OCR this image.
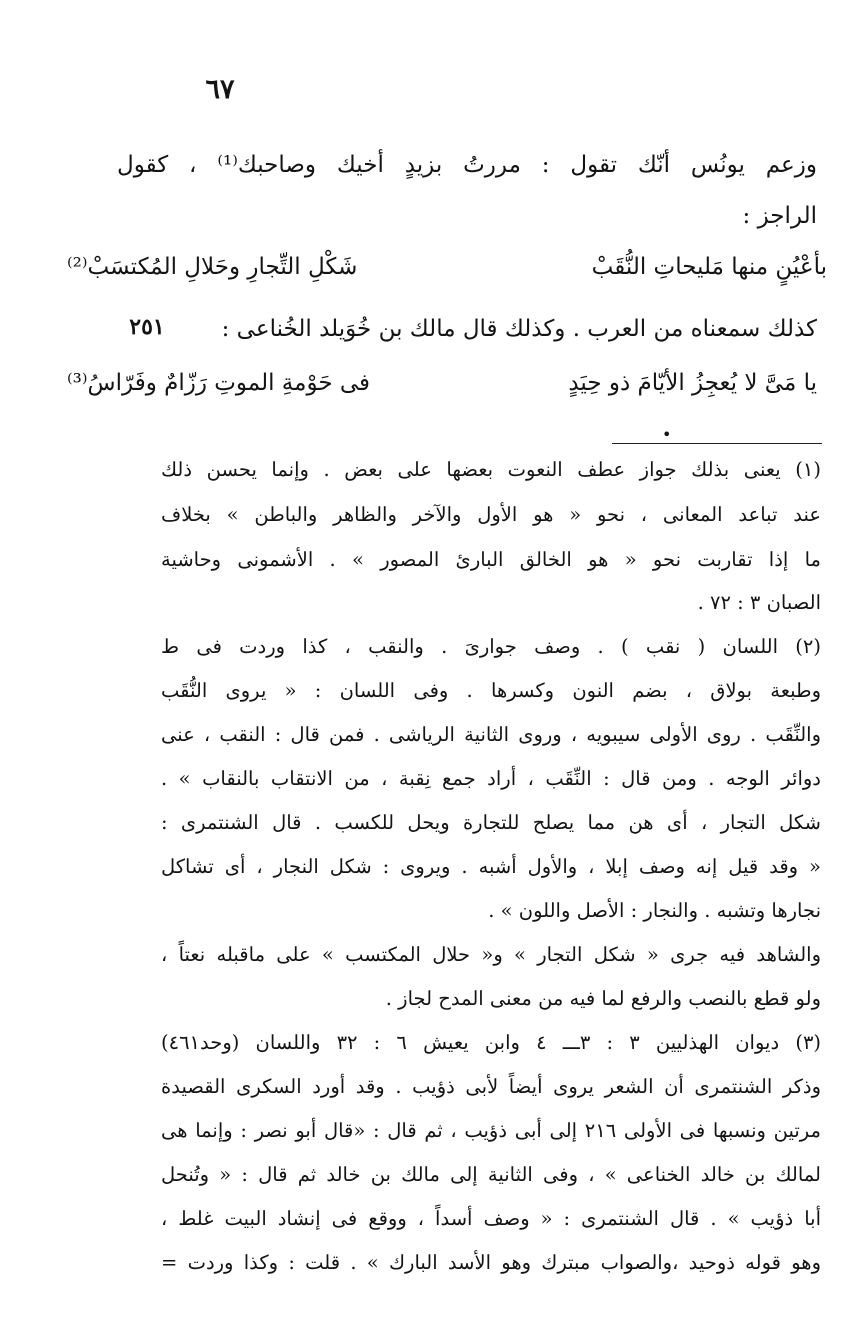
٦٧
وزعم يونُس أنّك تقول : مررتُ بزيدٍ أخيك وصاحبك⁽¹⁾ ، كقول
الراجز :
بأعْيُنٍ منها مَليحاتِ النُّقَبْ
شَكْلِ التِّجارِ وحَلالِ المُكتسَبْ⁽²⁾
٢٥١	كذلك سمعناه من العرب . وكذلك قال مالك بن خُوَيلد الخُناعى :
يا مَىَّ لا يُعجِزُ الأيّامَ ذو حِيَدٍ
فى حَوْمةِ الموتِ رَزّامٌ وفَرّاسُ⁽³⁾
•
(١) يعنى بذلك جواز عطف النعوت بعضها على بعض . وإنما يحسن ذلك
عند تباعد المعانى ، نحو « هو الأول والآخر والظاهر والباطن » بخلاف
ما إذا تقاربت نحو « هو الخالق البارئ المصور » . الأشمونى وحاشية
الصبان ٣ : ٧٢ .
(٢) اللسان ( نقب ) . وصف جوارىَ . والنقب ، كذا وردت فى ط
وطبعة بولاق ، بضم النون وكسرها . وفى اللسان : « يروى النُّقَب
والنِّقَب . روى الأولى سيبويه ، وروى الثانية الرياشى . فمن قال : النقب ، عنى
دوائر الوجه . ومن قال : النِّقَب ، أراد جمع نِقبة ، من الانتقاب بالنقاب » .
شكل التجار ، أى هن مما يصلح للتجارة ويحل للكسب . قال الشنتمرى :
« وقد قيل إنه وصف إبلا ، والأول أشبه . ويروى : شكل النجار ، أى تشاكل
نجارها وتشبه . والنجار : الأصل واللون » .
والشاهد فيه جرى « شكل التجار » و« حلال المكتسب » على ماقبله نعتاً ،
ولو قطع بالنصب والرفع لما فيه من معنى المدح لجاز .
(٣) ديوان الهذليين ٣ : ٣ـــ ٤ وابن يعيش ٦ : ٣٢ واللسان (وحد٤٦١)
وذكر الشنتمرى أن الشعر يروى أيضاً لأبى ذؤيب . وقد أورد السكرى القصيدة
مرتين ونسبها فى الأولى ٢١٦ إلى أبى ذؤيب ، ثم قال : «قال أبو نصر : وإنما هى
لمالك بن خالد الخناعى » ، وفى الثانية إلى مالك بن خالد ثم قال : « وتُنحل
أبا ذؤيب » . قال الشنتمرى : « وصف أسداً ، ووقع فى إنشاد البيت غلط ،
وهو قوله ذوحيد ،والصواب مبترك وهو الأسد البارك » . قلت : وكذا وردت =
